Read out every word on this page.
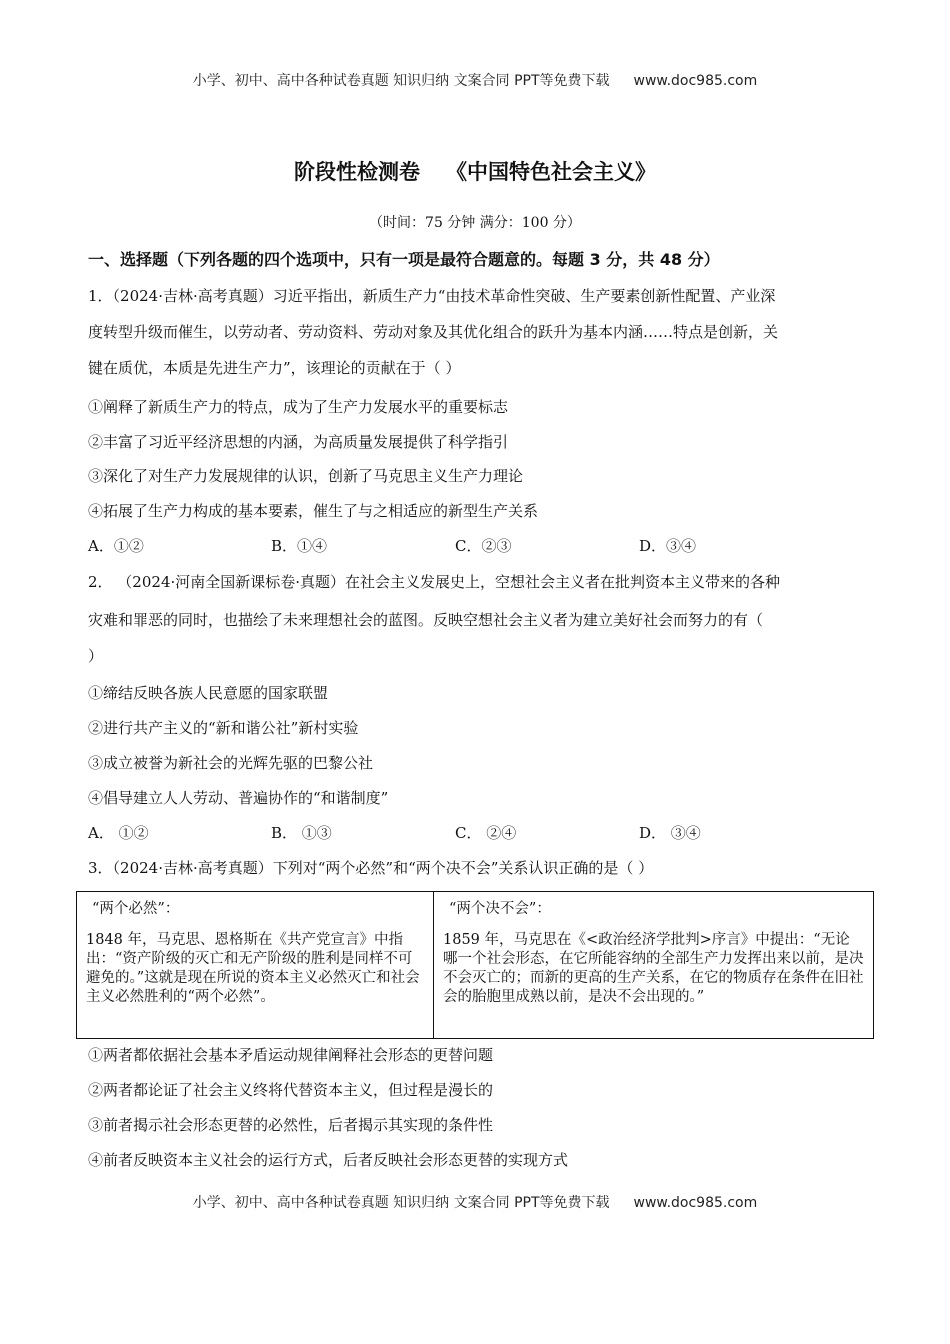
小学、初中、高中各种试卷真题 知识归纳 文案合同 PPT等免费下载 www.doc985.com
阶段性检测卷 《中国特色社会主义》
（时间：75 分钟 满分：100 分）
一、选择题（下列各题的四个选项中，只有一项是最符合题意的。每题 3 分，共 48 分）
1．（2024·吉林·高考真题）习近平指出，新质生产力“由技术革命性突破、生产要素创新性配置、产业深
度转型升级而催生，以劳动者、劳动资料、劳动对象及其优化组合的跃升为基本内涵……特点是创新，关
键在质优，本质是先进生产力”，该理论的贡献在于（ ）
①阐释了新质生产力的特点，成为了生产力发展水平的重要标志
②丰富了习近平经济思想的内涵，为高质量发展提供了科学指引
③深化了对生产力发展规律的认识，创新了马克思主义生产力理论
④拓展了生产力构成的基本要素，催生了与之相适应的新型生产关系
A．①②	B．①④	C．②③	D．③④
2． （2024·河南全国新课标卷·真题）在社会主义发展史上，空想社会主义者在批判资本主义带来的各种
灾难和罪恶的同时，也描绘了未来理想社会的蓝图。反映空想社会主义者为建立美好社会而努力的有（
）
①缔结反映各族人民意愿的国家联盟
②进行共产主义的“新和谐公社”新村实验
③成立被誉为新社会的光辉先驱的巴黎公社
④倡导建立人人劳动、普遍协作的“和谐制度”
A． ①②	B． ①③	C． ②④	D． ③④
3．（2024·吉林·高考真题）下列对“两个必然”和“两个决不会”关系认识正确的是（ ）
“两个必然”：
1848 年，马克思、恩格斯在《共产党宣言》中指出：“资产阶级的灭亡和无产阶级的胜利是同样不可避免的。”这就是现在所说的资本主义必然灭亡和社会主义必然胜利的“两个必然”。

“两个决不会”：
1859 年，马克思在《<政治经济学批判>序言》中提出：“无论哪一个社会形态，在它所能容纳的全部生产力发挥出来以前，是决不会灭亡的；而新的更高的生产关系，在它的物质存在条件在旧社会的胎胞里成熟以前，是决不会出现的。”
①两者都依据社会基本矛盾运动规律阐释社会形态的更替问题
②两者都论证了社会主义终将代替资本主义，但过程是漫长的
③前者揭示社会形态更替的必然性，后者揭示其实现的条件性
④前者反映资本主义社会的运行方式，后者反映社会形态更替的实现方式
小学、初中、高中各种试卷真题 知识归纳 文案合同 PPT等免费下载 www.doc985.com
